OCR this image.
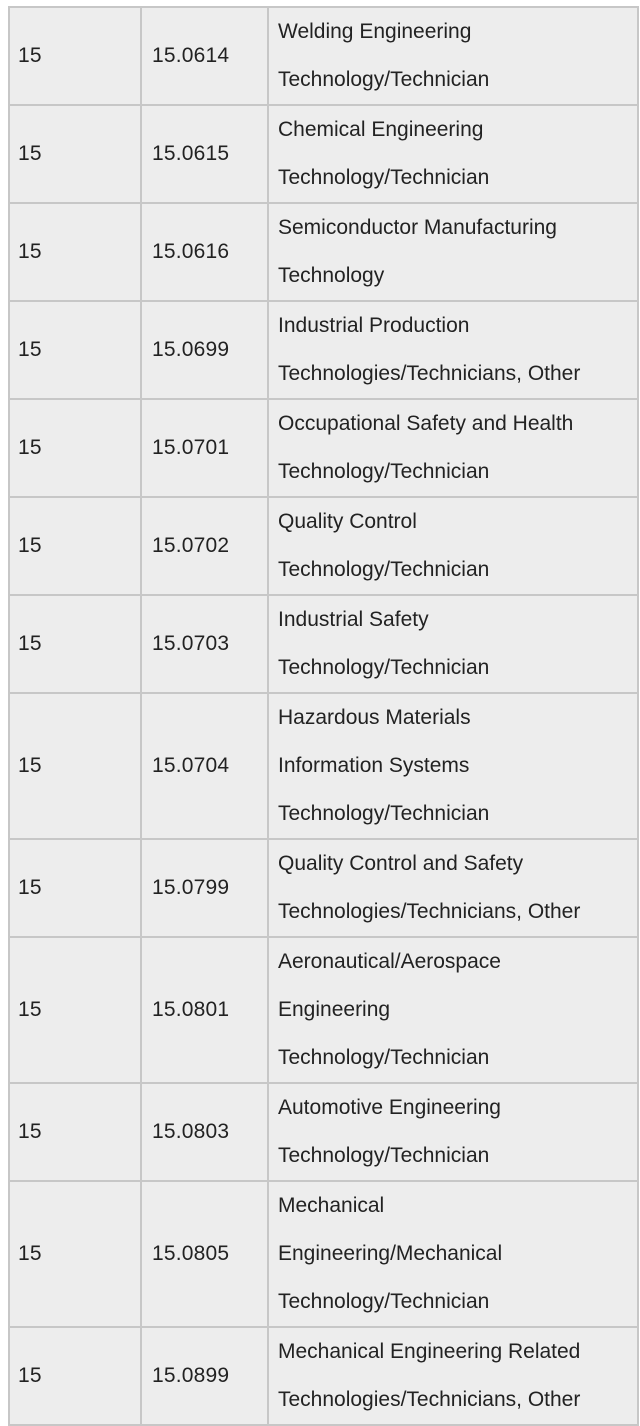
15	15.0614	Welding Engineering
Technology/Technician

15	15.0615	Chemical Engineering
Technology/Technician

15	15.0616	Semiconductor Manufacturing
Technology

15	15.0699	Industrial Production
Technologies/Technicians, Other

15	15.0701	Occupational Safety and Health
Technology/Technician

15	15.0702	Quality Control
Technology/Technician

15	15.0703	Industrial Safety
Technology/Technician

15	15.0704	Hazardous Materials
Information Systems
Technology/Technician

15	15.0799	Quality Control and Safety
Technologies/Technicians, Other

15	15.0801	Aeronautical/Aerospace
Engineering
Technology/Technician

15	15.0803	Automotive Engineering
Technology/Technician

15	15.0805	Mechanical
Engineering/Mechanical
Technology/Technician

15	15.0899	Mechanical Engineering Related
Technologies/Technicians, Other
